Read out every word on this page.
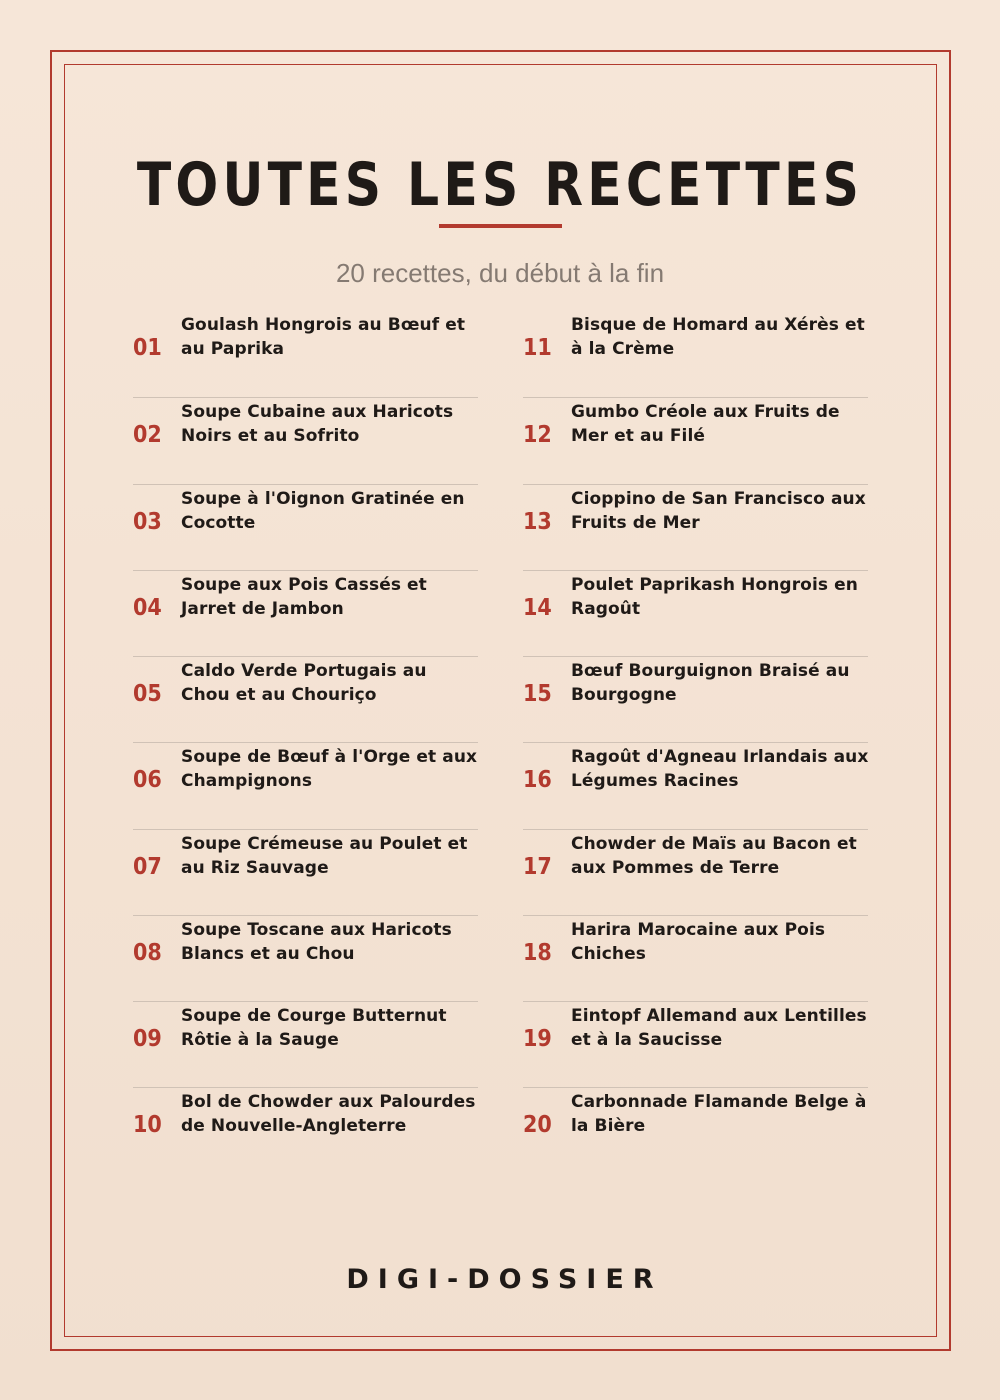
TOUTES LES RECETTES
20 recettes, du début à la fin
01
Goulash Hongrois au Bœuf et au Paprika
02
Soupe Cubaine aux Haricots Noirs et au Sofrito
03
Soupe à l'Oignon Gratinée en Cocotte
04
Soupe aux Pois Cassés et Jarret de Jambon
05
Caldo Verde Portugais au Chou et au Chouriço
06
Soupe de Bœuf à l'Orge et aux Champignons
07
Soupe Crémeuse au Poulet et au Riz Sauvage
08
Soupe Toscane aux Haricots Blancs et au Chou
09
Soupe de Courge Butternut Rôtie à la Sauge
10
Bol de Chowder aux Palourdes de Nouvelle-Angleterre
11
Bisque de Homard au Xérès et à la Crème
12
Gumbo Créole aux Fruits de Mer et au Filé
13
Cioppino de San Francisco aux Fruits de Mer
14
Poulet Paprikash Hongrois en Ragoût
15
Bœuf Bourguignon Braisé au Bourgogne
16
Ragoût d'Agneau Irlandais aux Légumes Racines
17
Chowder de Maïs au Bacon et aux Pommes de Terre
18
Harira Marocaine aux Pois Chiches
19
Eintopf Allemand aux Lentilles et à la Saucisse
20
Carbonnade Flamande Belge à la Bière
DIGI-DOSSIER
